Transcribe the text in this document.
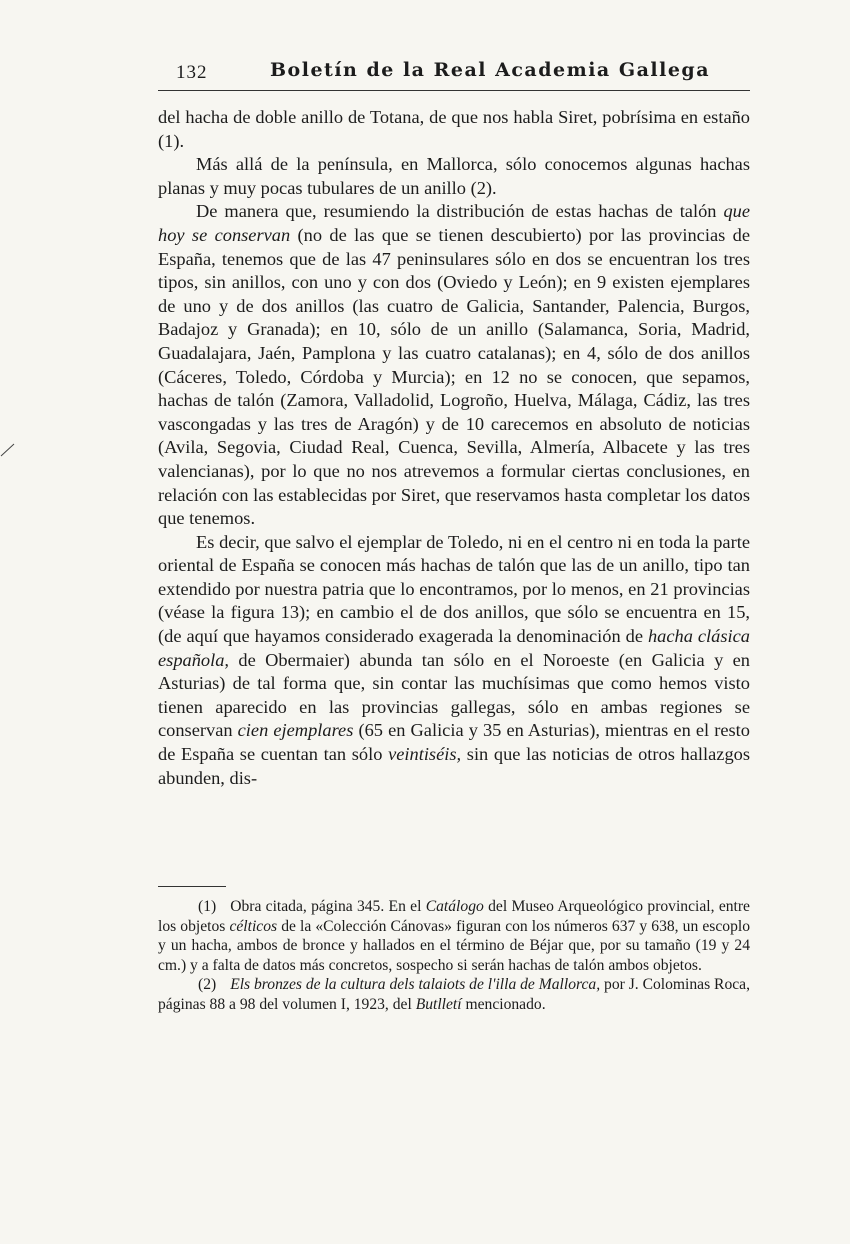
132	Boletín de la Real Academia Gallega

del hacha de doble anillo de Totana, de que nos habla Siret, pobrísima en estaño (1).

Más allá de la península, en Mallorca, sólo conocemos algunas hachas planas y muy pocas tubulares de un anillo (2).

De manera que, resumiendo la distribución de estas hachas de talón que hoy se conservan (no de las que se tienen descubierto) por las provincias de España, tenemos que de las 47 peninsulares sólo en dos se encuentran los tres tipos, sin anillos, con uno y con dos (Oviedo y León); en 9 existen ejemplares de uno y de dos anillos (las cuatro de Galicia, Santander, Palencia, Burgos, Badajoz y Granada); en 10, sólo de un anillo (Salamanca, Soria, Madrid, Guadalajara, Jaén, Pamplona y las cuatro catalanas); en 4, sólo de dos anillos (Cáceres, Toledo, Córdoba y Murcia); en 12 no se conocen, que sepamos, hachas de talón (Zamora, Valladolid, Logroño, Huelva, Málaga, Cádiz, las tres vascongadas y las tres de Aragón) y de 10 carecemos en absoluto de noticias (Avila, Segovia, Ciudad Real, Cuenca, Sevilla, Almería, Albacete y las tres valencianas), por lo que no nos atrevemos a formular ciertas conclusiones, en relación con las establecidas por Siret, que reservamos hasta completar los datos que tenemos.

Es decir, que salvo el ejemplar de Toledo, ni en el centro ni en toda la parte oriental de España se conocen más hachas de talón que las de un anillo, tipo tan extendido por nuestra patria que lo encontramos, por lo menos, en 21 provincias (véase la figura 13); en cambio el de dos anillos, que sólo se encuentra en 15, (de aquí que hayamos considerado exagerada la denominación de hacha clásica española, de Obermaier) abunda tan sólo en el Noroeste (en Galicia y en Asturias) de tal forma que, sin contar las muchísimas que como hemos visto tienen aparecido en las provincias gallegas, sólo en ambas regiones se conservan cien ejemplares (65 en Galicia y 35 en Asturias), mientras en el resto de España se cuentan tan sólo veintiséis, sin que las noticias de otros hallazgos abunden, dis-

(1) Obra citada, página 345. En el Catálogo del Museo Arqueológico provincial, entre los objetos célticos de la «Colección Cánovas» figuran con los números 637 y 638, un escoplo y un hacha, ambos de bronce y hallados en el término de Béjar que, por su tamaño (19 y 24 cm.) y a falta de datos más concretos, sospecho si serán hachas de talón ambos objetos.

(2) Els bronzes de la cultura dels talaiots de l'illa de Mallorca, por J. Colominas Roca, páginas 88 a 98 del volumen I, 1923, del Butlletí mencionado.
